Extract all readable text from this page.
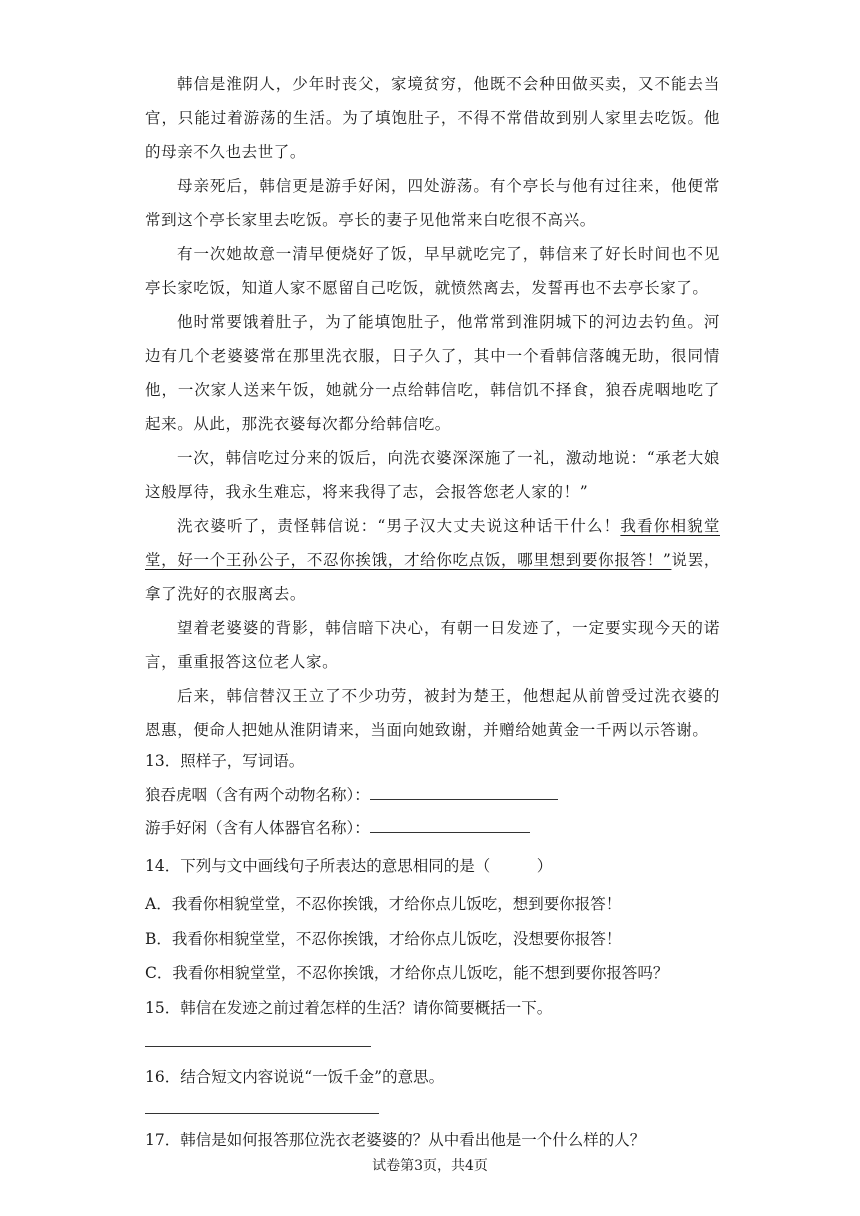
韩信是淮阴人，少年时丧父，家境贫穷，他既不会种田做买卖，又不能去当官，只能过着游荡的生活。为了填饱肚子，不得不常借故到别人家里去吃饭。他的母亲不久也去世了。

母亲死后，韩信更是游手好闲，四处游荡。有个亭长与他有过往来，他便常常到这个亭长家里去吃饭。亭长的妻子见他常来白吃很不高兴。

有一次她故意一清早便烧好了饭，早早就吃完了，韩信来了好长时间也不见亭长家吃饭，知道人家不愿留自己吃饭，就愤然离去，发誓再也不去亭长家了。

他时常要饿着肚子，为了能填饱肚子，他常常到淮阴城下的河边去钓鱼。河边有几个老婆婆常在那里洗衣服，日子久了，其中一个看韩信落魄无助，很同情他，一次家人送来午饭，她就分一点给韩信吃，韩信饥不择食，狼吞虎咽地吃了起来。从此，那洗衣婆每次都分给韩信吃。

一次，韩信吃过分来的饭后，向洗衣婆深深施了一礼，激动地说：“承老大娘这般厚待，我永生难忘，将来我得了志，会报答您老人家的！”

洗衣婆听了，责怪韩信说：“男子汉大丈夫说这种话干什么！我看你相貌堂堂，好一个王孙公子，不忍你挨饿，才给你吃点饭，哪里想到要你报答！”说罢，拿了洗好的衣服离去。

望着老婆婆的背影，韩信暗下决心，有朝一日发迹了，一定要实现今天的诺言，重重报答这位老人家。

后来，韩信替汉王立了不少功劳，被封为楚王，他想起从前曾受过洗衣婆的恩惠，便命人把她从淮阴请来，当面向她致谢，并赠给她黄金一千两以示答谢。

13．照样子，写词语。

狼吞虎咽（含有两个动物名称）：

游手好闲（含有人体器官名称）：

14．下列与文中画线句子所表达的意思相同的是（　　　）

A．我看你相貌堂堂，不忍你挨饿，才给你点儿饭吃，想到要你报答！

B．我看你相貌堂堂，不忍你挨饿，才给你点儿饭吃，没想要你报答！

C．我看你相貌堂堂，不忍你挨饿，才给你点儿饭吃，能不想到要你报答吗？

15．韩信在发迹之前过着怎样的生活？请你简要概括一下。

16．结合短文内容说说“一饭千金”的意思。

17．韩信是如何报答那位洗衣老婆婆的？从中看出他是一个什么样的人？

试卷第3页，共4页
